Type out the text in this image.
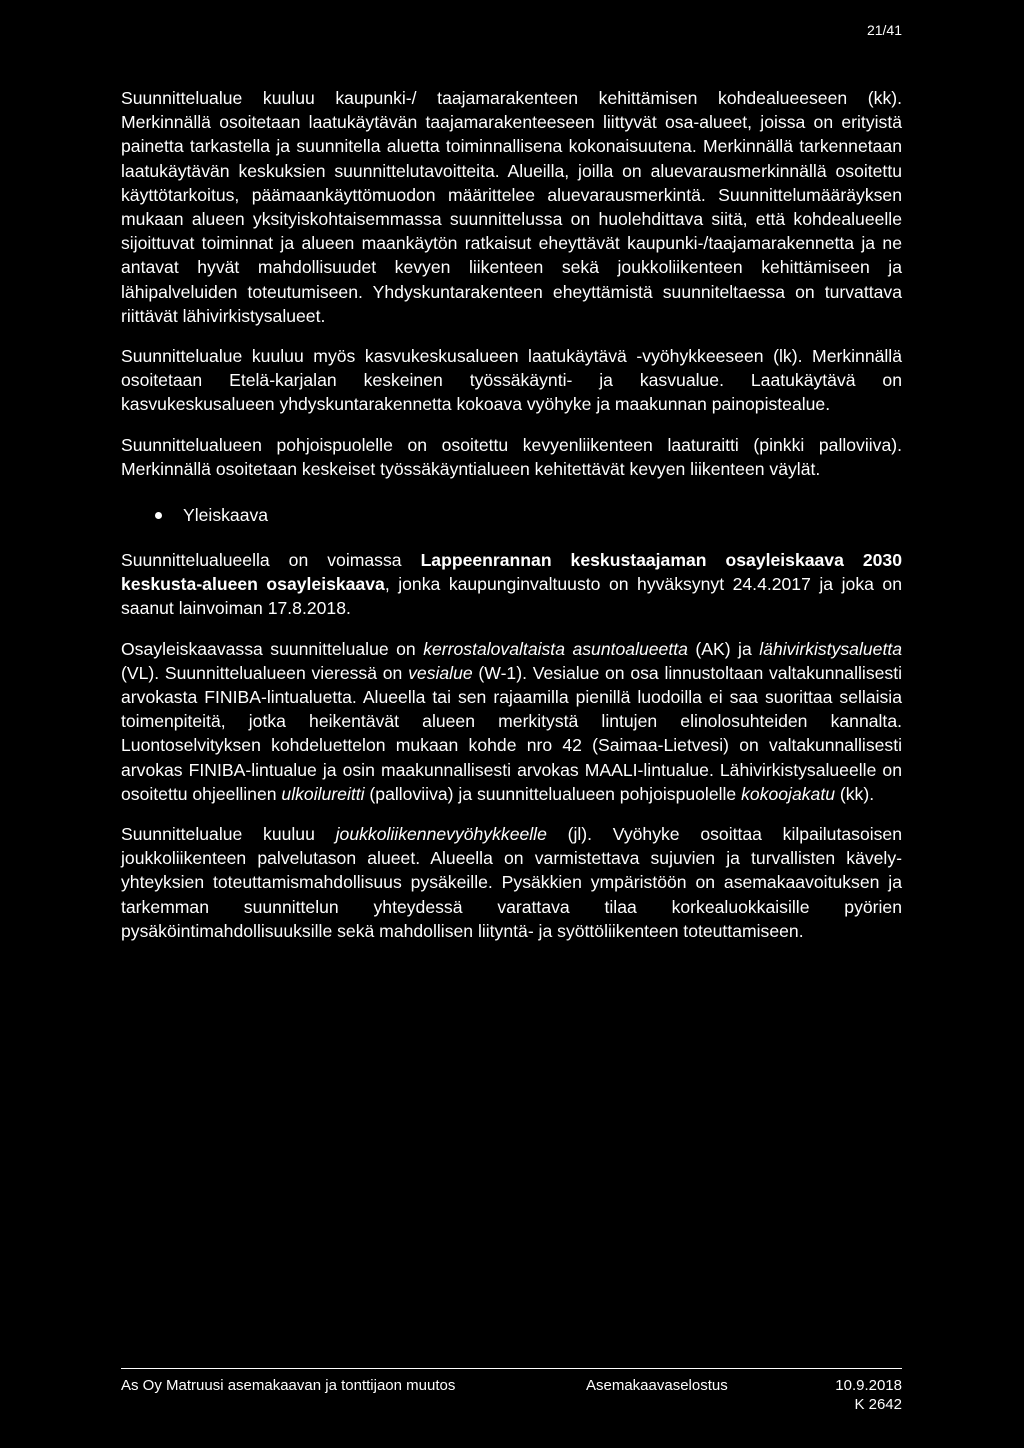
21/41

Suunnittelualue kuuluu kaupunki-/ taajamarakenteen kehittämisen kohdealueeseen (kk). Merkinnällä osoitetaan laatukäytävän taajamarakenteeseen liittyvät osa-alueet, joissa on erityistä painetta tarkastella ja suunnitella aluetta toiminnallisena kokonaisuutena. Merkinnällä tarkennetaan laatukäytävän keskuksien suunnittelutavoitteita. Alueilla, joilla on aluevarausmerkinnällä osoitettu käyttötarkoitus, päämaankäyttömuodon määrittelee aluevarausmerkintä. Suunnittelumääräyksen mukaan alueen yksityiskohtaisemmassa suunnittelussa on huolehdittava siitä, että kohdealueelle sijoittuvat toiminnat ja alueen maankäytön ratkaisut eheyttävät kaupunki-/taajamarakennetta ja ne antavat hyvät mahdollisuudet kevyen liikenteen sekä joukkoliikenteen kehittämiseen ja lähipalveluiden toteutumiseen. Yhdyskuntarakenteen eheyttämistä suunniteltaessa on turvattava riittävät lähivirkistysalueet.

Suunnittelualue kuuluu myös kasvukeskusalueen laatukäytävä -vyöhykkeeseen (lk). Merkinnällä osoitetaan Etelä-karjalan keskeinen työssäkäynti- ja kasvualue. Laatukäytävä on kasvukeskusalueen yhdyskuntarakennetta kokoava vyöhyke ja maakunnan painopistealue.

Suunnittelualueen pohjoispuolelle on osoitettu kevyenliikenteen laaturaitti (pinkki palloviiva). Merkinnällä osoitetaan keskeiset työssäkäyntialueen kehitettävät kevyen liikenteen väylät.

Yleiskaava

Suunnittelualueella on voimassa Lappeenrannan keskustaajaman osayleiskaava 2030 keskusta-alueen osayleiskaava, jonka kaupunginvaltuusto on hyväksynyt 24.4.2017 ja joka on saanut lainvoiman 17.8.2018.

Osayleiskaavassa suunnittelualue on kerrostalovaltaista asuntoalueetta (AK) ja lähivirkistysaluetta (VL). Suunnittelualueen vieressä on vesialue (W-1). Vesialue on osa linnustoltaan valtakunnallisesti arvokasta FINIBA-lintualuetta. Alueella tai sen rajaamilla pienillä luodoilla ei saa suorittaa sellaisia toimenpiteitä, jotka heikentävät alueen merkitystä lintujen elinolosuhteiden kannalta. Luontoselvityksen kohdeluettelon mukaan kohde nro 42 (Saimaa-Lietvesi) on valtakunnallisesti arvokas FINIBA-lintualue ja osin maakunnallisesti arvokas MAALI-lintualue. Lähivirkistysalueelle on osoitettu ohjeellinen ulkoilureitti (palloviiva) ja suunnittelualueen pohjoispuolelle kokoojakatu (kk).

Suunnittelualue kuuluu joukkoliikennevyöhykkeelle (jl). Vyöhyke osoittaa kilpailutasoisen joukkoliikenteen palvelutason alueet. Alueella on varmistettava sujuvien ja turvallisten kävely-yhteyksien toteuttamismahdollisuus pysäkeille. Pysäkkien ympäristöön on asemakaavoituksen ja tarkemman suunnittelun yhteydessä varattava tilaa korkealuokkaisille pyörien pysäköintimahdollisuuksille sekä mahdollisen liityntä- ja syöttöliikenteen toteuttamiseen.

As Oy Matruusi asemakaavan ja tonttijaon muutos	Asemakaavaselostus	10.9.2018
K 2642
